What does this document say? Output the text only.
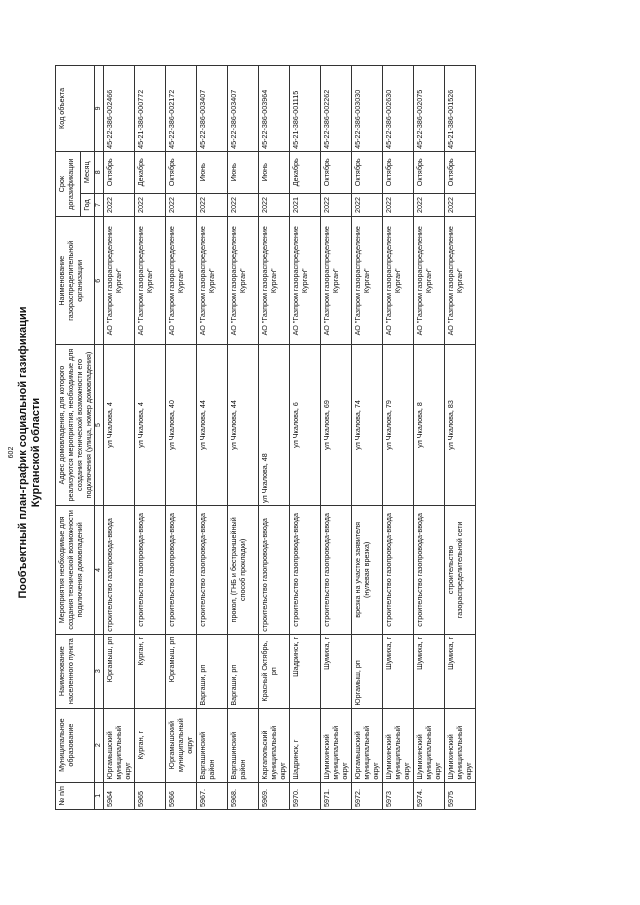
602 Пообъектный план-график социальной газификации Курганской области
№ п/п	Муниципальное образование	Наименование населенного пункта	Мероприятия необходимые для создания технической возможности подключения домовладений	Адрес домовладения, для которого реализуются мероприятия, необходимые для создания технической возможности его подключения (улица, номер домовладения)	Наименование газораспределительной организации	Срок догазификации		Код объекта
						Год	Месяц	
1	2	3	4	5	6	7	8	9
5964	Юргамышский муниципальный округ	Юргамыш, рп	строительство газопровода-ввода	ул Чкалова, 4	АО "Газпром газораспределение Курган"	2022	Октябрь	45-22-386-002466
5965	Курган, г	Курган, г	строительство газопровода-ввода	ул Чкалова, 4	АО "Газпром газораспределение Курган"	2022	Декабрь	45-21-386-000772
5966	Юргамышский муниципальный округ	Юргамыш, рп	строительство газопровода-ввода	ул Чкалова, 40	АО "Газпром газораспределение Курган"	2022	Октябрь	45-22-386-002172
5967.	Варгашинский район	Варгаши, рп	строительство газопровода-ввода	ул Чкалова, 44	АО "Газпром газораспределение Курган"	2022	Июнь	45-22-386-003407
5968.	Варгашинский район	Варгаши, рп	прокол, (ГНБ и бестраншейный способ прокладки)	ул Чкалова, 44	АО "Газпром газораспределение Курган"	2022	Июнь	45-22-386-003407
5969.	Каргапольский муниципальный округ	Красный Октябрь, рп	строительство газопровода-ввода	ул Чкалова, 48	АО "Газпром газораспределение Курган"	2022	Июнь	45-22-386-003964
5970.	Шадринск, г	Шадринск, г	строительство газопровода-ввода	ул Чкалова, 6	АО "Газпром газораспределение Курган"	2021	Декабрь	45-21-386-001115
5971.	Шумихинский муниципальный округ	Шумиха, г	строительство газопровода-ввода	ул Чкалова, 69	АО "Газпром газораспределение Курган"	2022	Октябрь	45-22-386-002262
5972.	Юргамышский муниципальный округ	Юргамыш, рп	врезка на участке заявителя (нулевая врезка)	ул Чкалова, 74	АО "Газпром газораспределение Курган"	2022	Октябрь	45-22-386-003030
5973	Шумихинский муниципальный округ	Шумиха, г	строительство газопровода-ввода	ул Чкалова, 79	АО "Газпром газораспределение Курган"	2022	Октябрь	45-22-386-002630
5974.	Шумихинский муниципальный округ	Шумиха, г	строительство газопровода-ввода	ул Чкалова, 8	АО "Газпром газораспределение Курган"	2022	Октябрь	45-22-386-002075
5975	Шумихинский муниципальный округ	Шумиха, г	строительство газораспределительной сети	ул Чкалова, 83	АО "Газпром газораспределение Курган"	2022	Октябрь	45-21-386-001526
